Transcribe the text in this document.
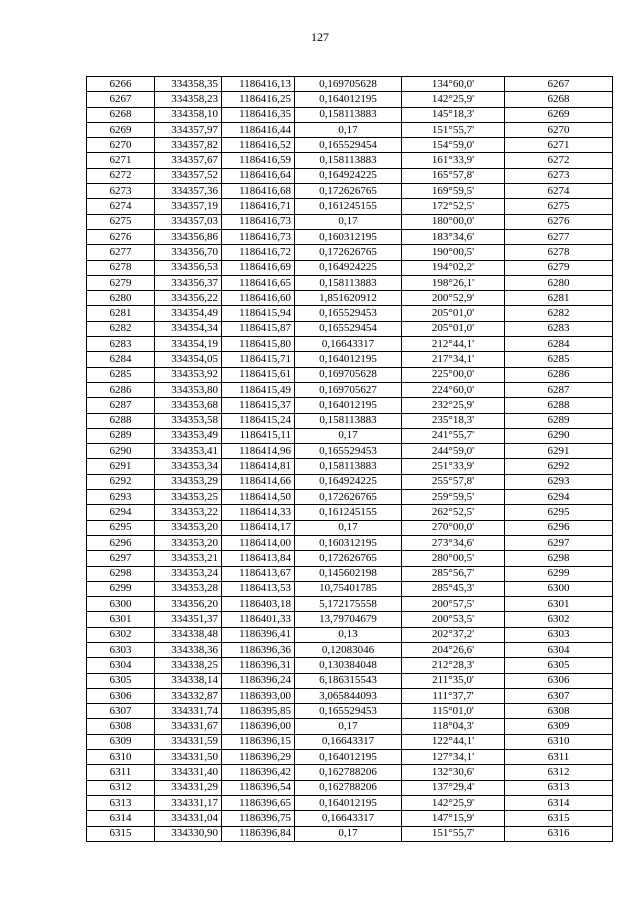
127
6266	334358,35	1186416,13	0,169705628	134°60,0'	6267
6267	334358,23	1186416,25	0,164012195	142°25,9'	6268
6268	334358,10	1186416,35	0,158113883	145°18,3'	6269
6269	334357,97	1186416,44	0,17	151°55,7'	6270
6270	334357,82	1186416,52	0,165529454	154°59,0'	6271
6271	334357,67	1186416,59	0,158113883	161°33,9'	6272
6272	334357,52	1186416,64	0,164924225	165°57,8'	6273
6273	334357,36	1186416,68	0,172626765	169°59,5'	6274
6274	334357,19	1186416,71	0,161245155	172°52,5'	6275
6275	334357,03	1186416,73	0,17	180°00,0'	6276
6276	334356,86	1186416,73	0,160312195	183°34,6'	6277
6277	334356,70	1186416,72	0,172626765	190°00,5'	6278
6278	334356,53	1186416,69	0,164924225	194°02,2'	6279
6279	334356,37	1186416,65	0,158113883	198°26,1'	6280
6280	334356,22	1186416,60	1,851620912	200°52,9'	6281
6281	334354,49	1186415,94	0,165529453	205°01,0'	6282
6282	334354,34	1186415,87	0,165529454	205°01,0'	6283
6283	334354,19	1186415,80	0,16643317	212°44,1'	6284
6284	334354,05	1186415,71	0,164012195	217°34,1'	6285
6285	334353,92	1186415,61	0,169705628	225°00,0'	6286
6286	334353,80	1186415,49	0,169705627	224°60,0'	6287
6287	334353,68	1186415,37	0,164012195	232°25,9'	6288
6288	334353,58	1186415,24	0,158113883	235°18,3'	6289
6289	334353,49	1186415,11	0,17	241°55,7'	6290
6290	334353,41	1186414,96	0,165529453	244°59,0'	6291
6291	334353,34	1186414,81	0,158113883	251°33,9'	6292
6292	334353,29	1186414,66	0,164924225	255°57,8'	6293
6293	334353,25	1186414,50	0,172626765	259°59,5'	6294
6294	334353,22	1186414,33	0,161245155	262°52,5'	6295
6295	334353,20	1186414,17	0,17	270°00,0'	6296
6296	334353,20	1186414,00	0,160312195	273°34,6'	6297
6297	334353,21	1186413,84	0,172626765	280°00,5'	6298
6298	334353,24	1186413,67	0,145602198	285°56,7'	6299
6299	334353,28	1186413,53	10,75401785	285°45,3'	6300
6300	334356,20	1186403,18	5,172175558	200°57,5'	6301
6301	334351,37	1186401,33	13,79704679	200°53,5'	6302
6302	334338,48	1186396,41	0,13	202°37,2'	6303
6303	334338,36	1186396,36	0,12083046	204°26,6'	6304
6304	334338,25	1186396,31	0,130384048	212°28,3'	6305
6305	334338,14	1186396,24	6,186315543	211°35,0'	6306
6306	334332,87	1186393,00	3,065844093	111°37,7'	6307
6307	334331,74	1186395,85	0,165529453	115°01,0'	6308
6308	334331,67	1186396,00	0,17	118°04,3'	6309
6309	334331,59	1186396,15	0,16643317	122°44,1'	6310
6310	334331,50	1186396,29	0,164012195	127°34,1'	6311
6311	334331,40	1186396,42	0,162788206	132°30,6'	6312
6312	334331,29	1186396,54	0,162788206	137°29,4'	6313
6313	334331,17	1186396,65	0,164012195	142°25,9'	6314
6314	334331,04	1186396,75	0,16643317	147°15,9'	6315
6315	334330,90	1186396,84	0,17	151°55,7'	6316
